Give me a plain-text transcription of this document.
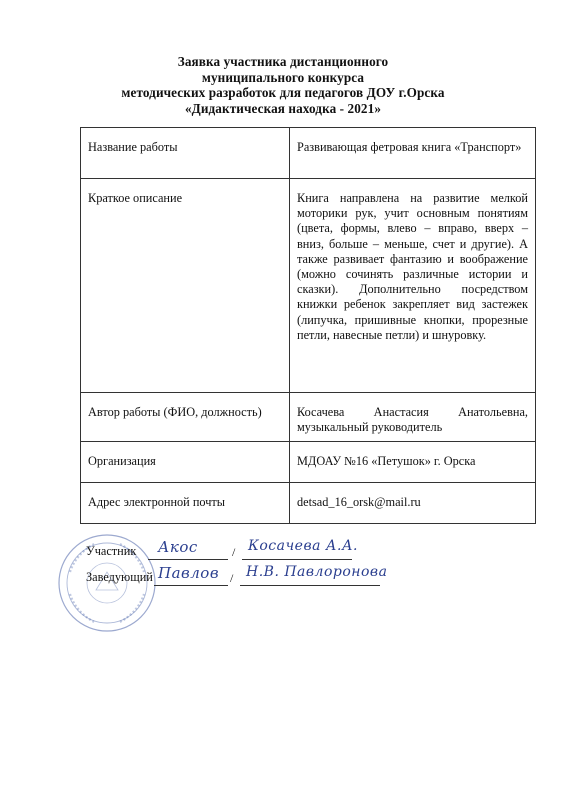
Заявка участника дистанционного
муниципального конкурса
методических разработок для педагогов ДОУ г.Орска
«Дидактическая находка - 2021»
Название работы	Развивающая фетровая книга «Транспорт»
Краткое описание	Книга направлена на развитие мелкой моторики рук, учит основным понятиям (цвета, формы, влево – вправо, вверх – вниз, больше – меньше, счет и другие). А также развивает фантазию и воображение (можно сочинять различные истории и сказки). Дополнительно посредством книжки ребенок закрепляет вид застежек (липучка, пришивные кнопки, прорезные петли, навесные петли) и шнуровку.
Автор работы (ФИО, должность)	Косачева Анастасия Анатольевна, музыкальный руководитель
Организация	МДОАУ №16 «Петушок» г. Орска
Адрес электронной почты	detsad_16_orsk@mail.ru
Участник Акос	/ Косачева А.А.
Заведующий Павлов / Н.В. Павлоронова
